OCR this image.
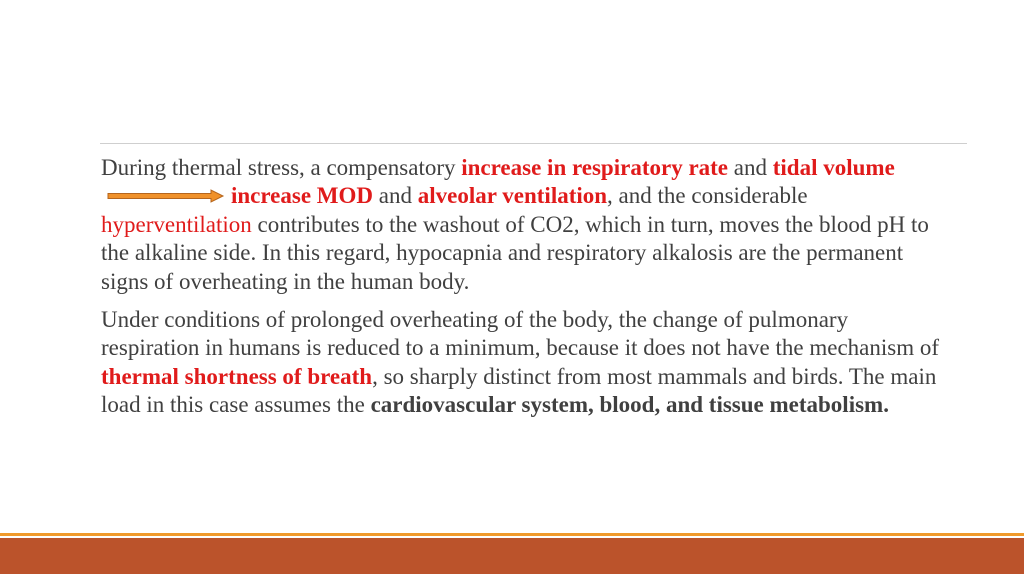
During thermal stress, a compensatory increase in respiratory rate and tidal volume
increase MOD and alveolar ventilation, and the considerable hyperventilation contributes to the washout of CO2, which in turn, moves the blood pH to the alkaline side. In this regard, hypocapnia and respiratory alkalosis are the permanent signs of overheating in the human body.

Under conditions of prolonged overheating of the body, the change of pulmonary respiration in humans is reduced to a minimum, because it does not have the mechanism of thermal shortness of breath, so sharply distinct from most mammals and birds. The main load in this case assumes the cardiovascular system, blood, and tissue metabolism.
